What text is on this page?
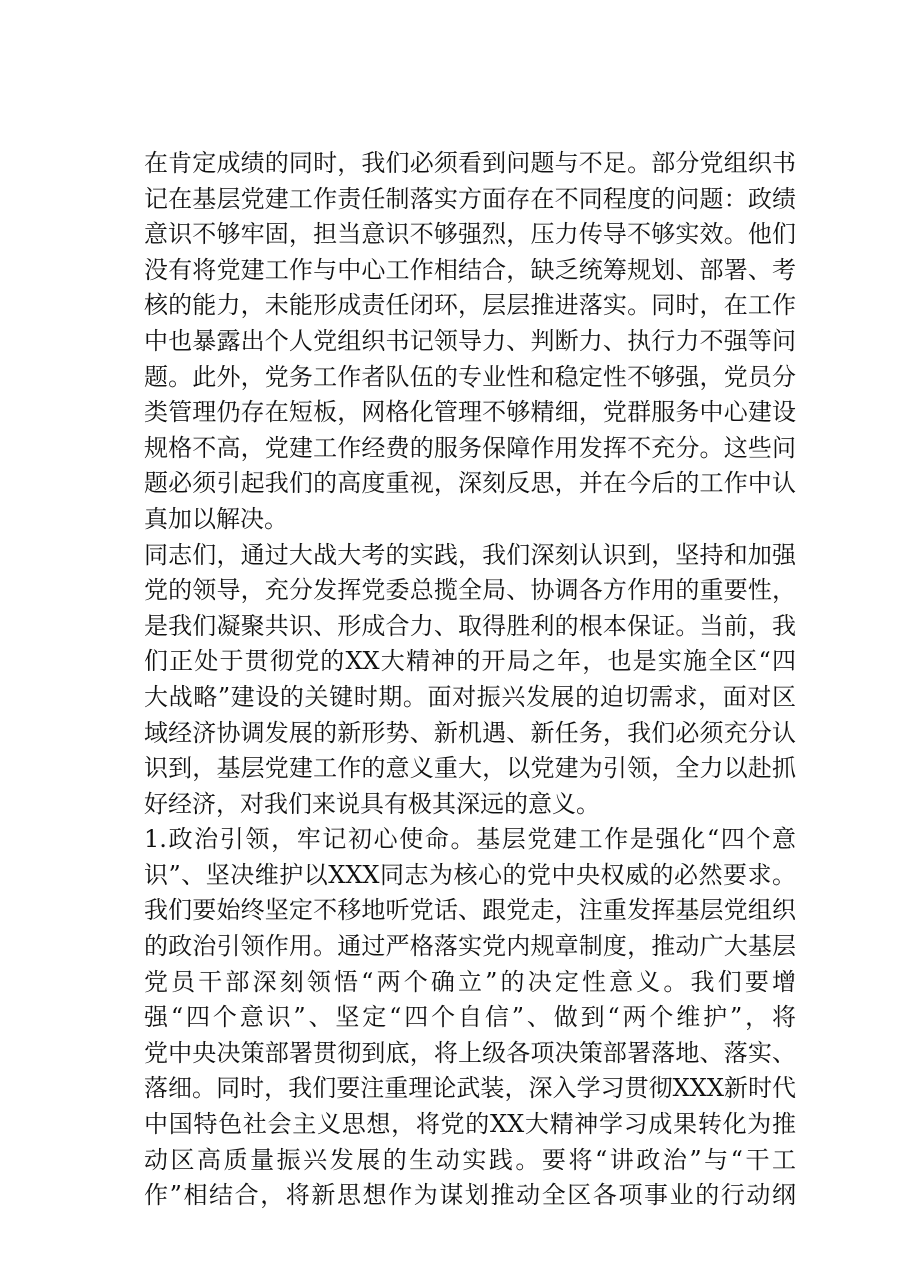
在肯定成绩的同时，我们必须看到问题与不足。部分党组织书
记在基层党建工作责任制落实方面存在不同程度的问题：政绩
意识不够牢固，担当意识不够强烈，压力传导不够实效。他们
没有将党建工作与中心工作相结合，缺乏统筹规划、部署、考
核的能力，未能形成责任闭环，层层推进落实。同时，在工作
中也暴露出个人党组织书记领导力、判断力、执行力不强等问
题。此外，党务工作者队伍的专业性和稳定性不够强，党员分
类管理仍存在短板，网格化管理不够精细，党群服务中心建设
规格不高，党建工作经费的服务保障作用发挥不充分。这些问
题必须引起我们的高度重视，深刻反思，并在今后的工作中认
真加以解决。

同志们，通过大战大考的实践，我们深刻认识到，坚持和加强
党的领导，充分发挥党委总揽全局、协调各方作用的重要性，
是我们凝聚共识、形成合力、取得胜利的根本保证。当前，我
们正处于贯彻党的XX大精神的开局之年，也是实施全区“四
大战略”建设的关键时期。面对振兴发展的迫切需求，面对区
域经济协调发展的新形势、新机遇、新任务，我们必须充分认
识到，基层党建工作的意义重大，以党建为引领，全力以赴抓
好经济，对我们来说具有极其深远的意义。

1.政治引领，牢记初心使命。基层党建工作是强化“四个意
识”、坚决维护以XXX同志为核心的党中央权威的必然要求。
我们要始终坚定不移地听党话、跟党走，注重发挥基层党组织
的政治引领作用。通过严格落实党内规章制度，推动广大基层
党员干部深刻领悟“两个确立”的决定性意义。我们要增
强“四个意识”、坚定“四个自信”、做到“两个维护”，将
党中央决策部署贯彻到底，将上级各项决策部署落地、落实、
落细。同时，我们要注重理论武装，深入学习贯彻XXX新时代
中国特色社会主义思想，将党的XX大精神学习成果转化为推
动区高质量振兴发展的生动实践。要将“讲政治”与“干工
作”相结合，将新思想作为谋划推动全区各项事业的行动纲
